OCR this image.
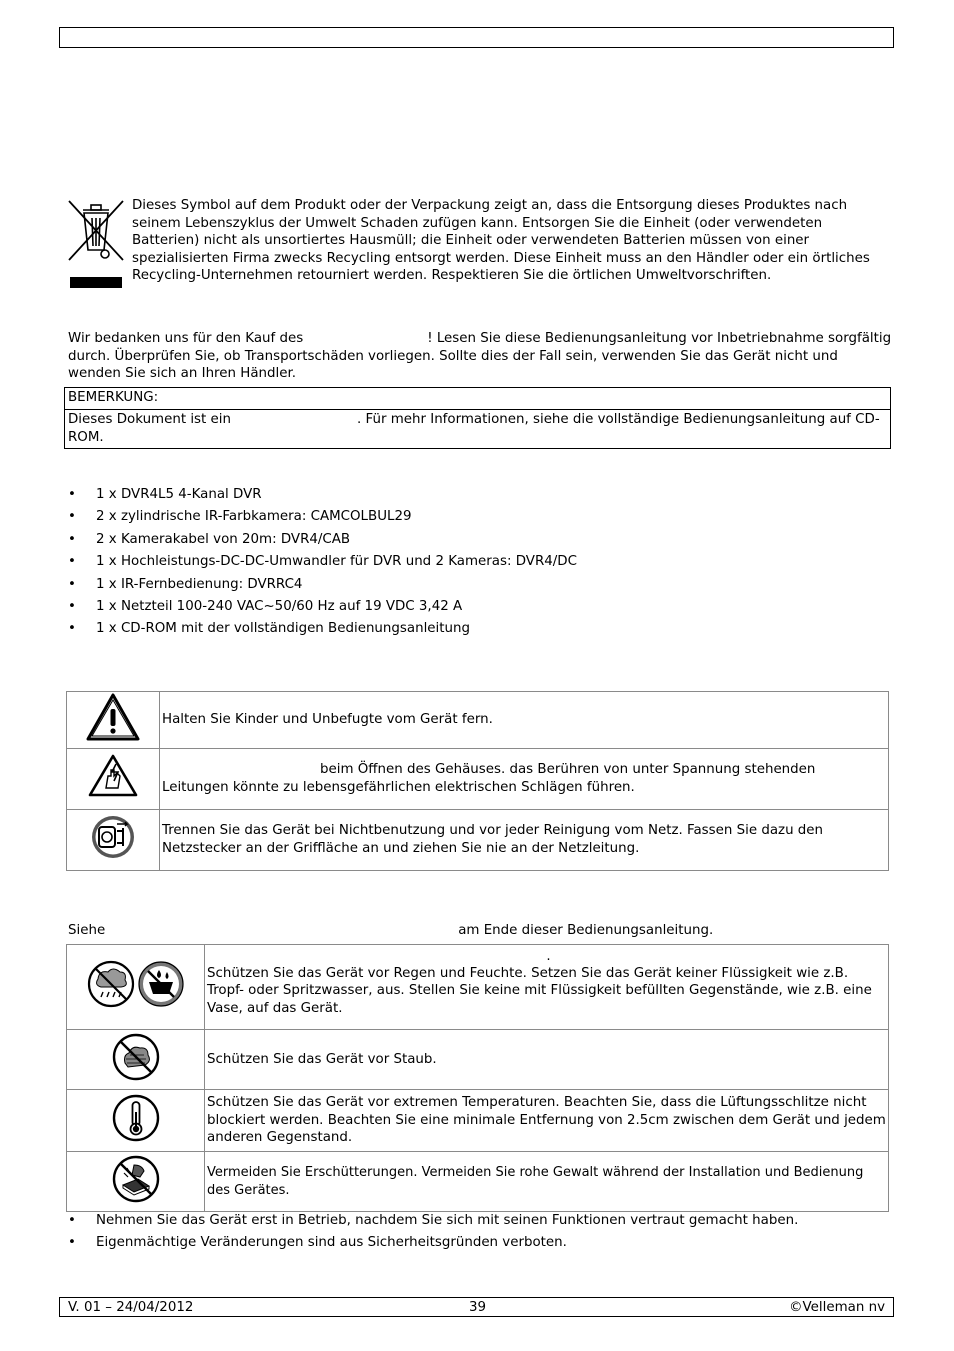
Dieses Symbol auf dem Produkt oder der Verpackung zeigt an, dass die Entsorgung dieses Produktes nach seinem Lebenszyklus der Umwelt Schaden zufügen kann. Entsorgen Sie die Einheit (oder verwendeten Batterien) nicht als unsortiertes Hausmüll; die Einheit oder verwendeten Batterien müssen von einer spezialisierten Firma zwecks Recycling entsorgt werden. Diese Einheit muss an den Händler oder ein örtliches Recycling-Unternehmen retourniert werden. Respektieren Sie die örtlichen Umweltvorschriften.
Wir bedanken uns für den Kauf des	! Lesen Sie diese Bedienungsanleitung vor Inbetriebnahme sorgfältig durch. Überprüfen Sie, ob Transportschäden vorliegen. Sollte dies der Fall sein, verwenden Sie das Gerät nicht und wenden Sie sich an Ihren Händler.
BEMERKUNG:
Dieses Dokument ist ein	. Für mehr Informationen, siehe die vollständige Bedienungsanleitung auf CD-ROM.
• 1 x DVR4L5 4-Kanal DVR
• 2 x zylindrische IR-Farbkamera: CAMCOLBUL29
• 2 x Kamerakabel von 20m: DVR4/CAB
• 1 x Hochleistungs-DC-DC-Umwandler für DVR und 2 Kameras: DVR4/DC
• 1 x IR-Fernbedienung: DVRRC4
• 1 x Netzteil 100-240 VAC~50/60 Hz auf 19 VDC 3,42 A
• 1 x CD-ROM mit der vollständigen Bedienungsanleitung
	Halten Sie Kinder und Unbefugte vom Gerät fern.

beim Öffnen des Gehäuses. das Berühren von unter Spannung stehenden
Leitungen könnte zu lebensgefährlichen elektrischen Schlägen führen.

	Trennen Sie das Gerät bei Nichtbenutzung und vor jeder Reinigung vom Netz. Fassen Sie dazu den Netzstecker an der Griffläche an und ziehen Sie nie an der Netzleitung.
Siehe	am Ende dieser Bedienungsanleitung.

.
Schützen Sie das Gerät vor Regen und Feuchte. Setzen Sie das Gerät keiner Flüssigkeit wie z.B. Tropf- oder Spritzwasser, aus. Stellen Sie keine mit Flüssigkeit befüllten Gegenstände, wie z.B. eine Vase, auf das Gerät.

	Schützen Sie das Gerät vor Staub.
	Schützen Sie das Gerät vor extremen Temperaturen. Beachten Sie, dass die Lüftungsschlitze nicht blockiert werden. Beachten Sie eine minimale Entfernung von 2.5cm zwischen dem Gerät und jedem anderen Gegenstand.
	Vermeiden Sie Erschütterungen. Vermeiden Sie rohe Gewalt während der Installation und Bedienung des Gerätes.
• Nehmen Sie das Gerät erst in Betrieb, nachdem Sie sich mit seinen Funktionen vertraut gemacht haben.
• Eigenmächtige Veränderungen sind aus Sicherheitsgründen verboten.
V. 01 – 24/04/2012	39	©Velleman nv
